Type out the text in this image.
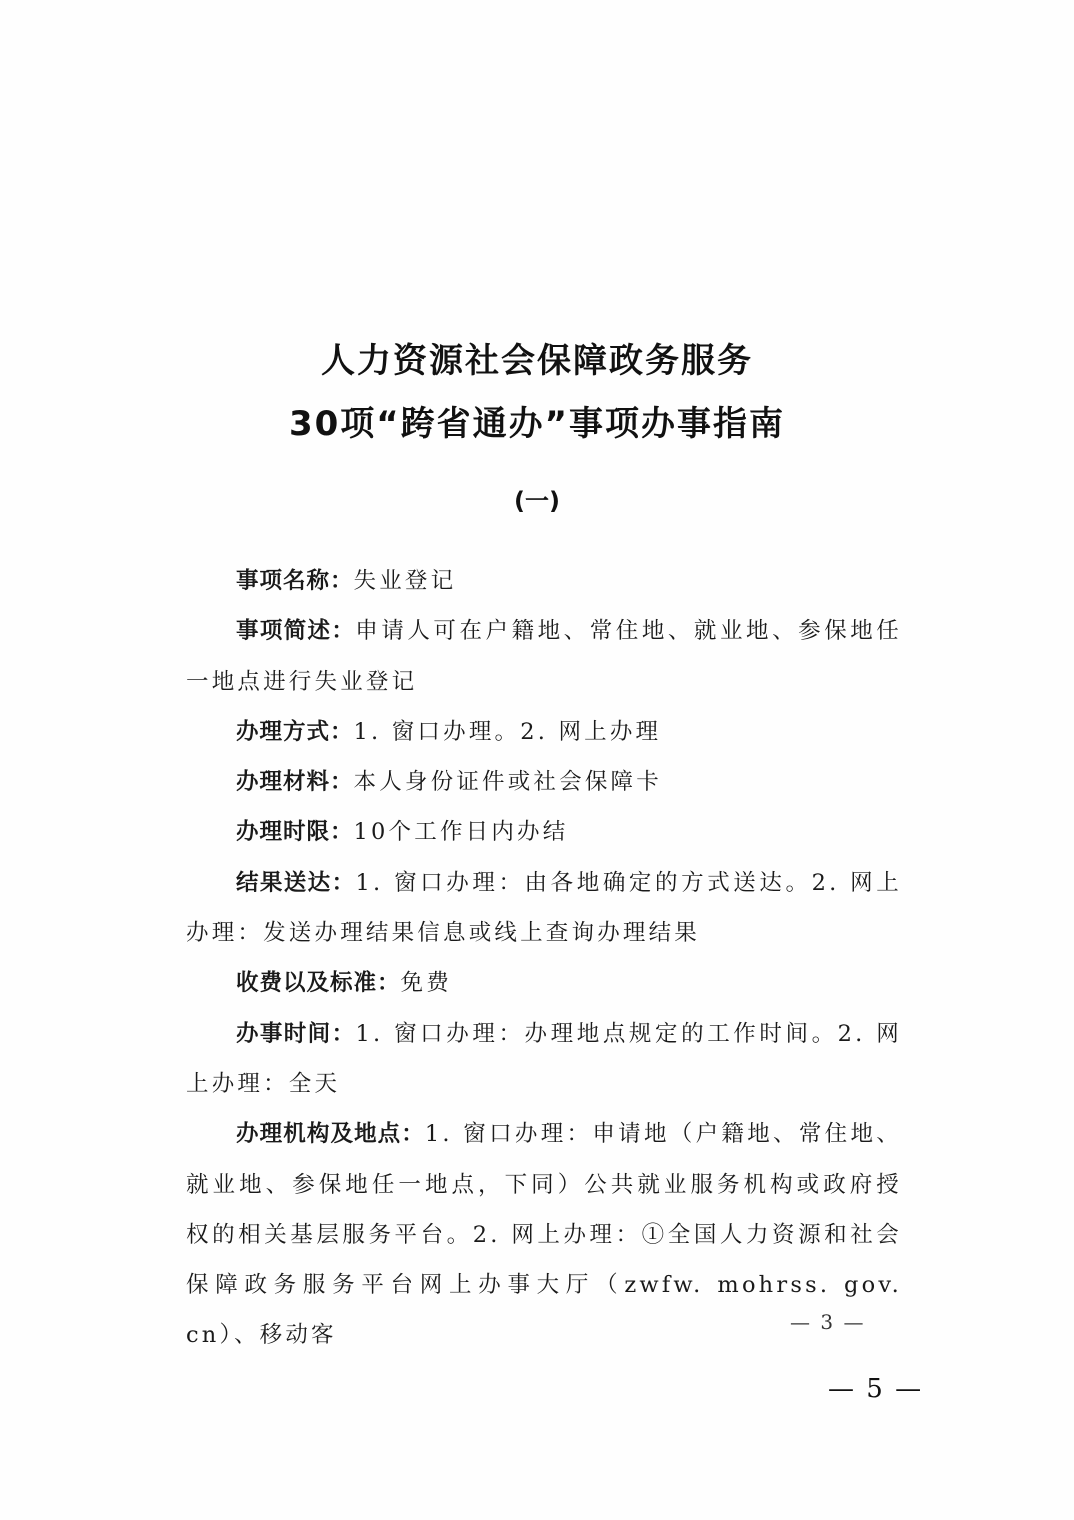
人力资源社会保障政务服务
30项“跨省通办”事项办事指南
(一)

事项名称：失业登记

事项简述：申请人可在户籍地、常住地、就业地、参保地任一地点进行失业登记

办理方式：1. 窗口办理。2. 网上办理

办理材料：本人身份证件或社会保障卡

办理时限：10个工作日内办结

结果送达：1. 窗口办理：由各地确定的方式送达。2. 网上办理：发送办理结果信息或线上查询办理结果

收费以及标准：免费

办事时间：1. 窗口办理：办理地点规定的工作时间。2. 网上办理：全天

办理机构及地点：1. 窗口办理：申请地（户籍地、常住地、就业地、参保地任一地点，下同）公共就业服务机构或政府授权的相关基层服务平台。2. 网上办理：①全国人力资源和社会保障政务服务平台网上办事大厅（zwfw. mohrss. gov. cn）、移动客

— 3 —
— 5 —
